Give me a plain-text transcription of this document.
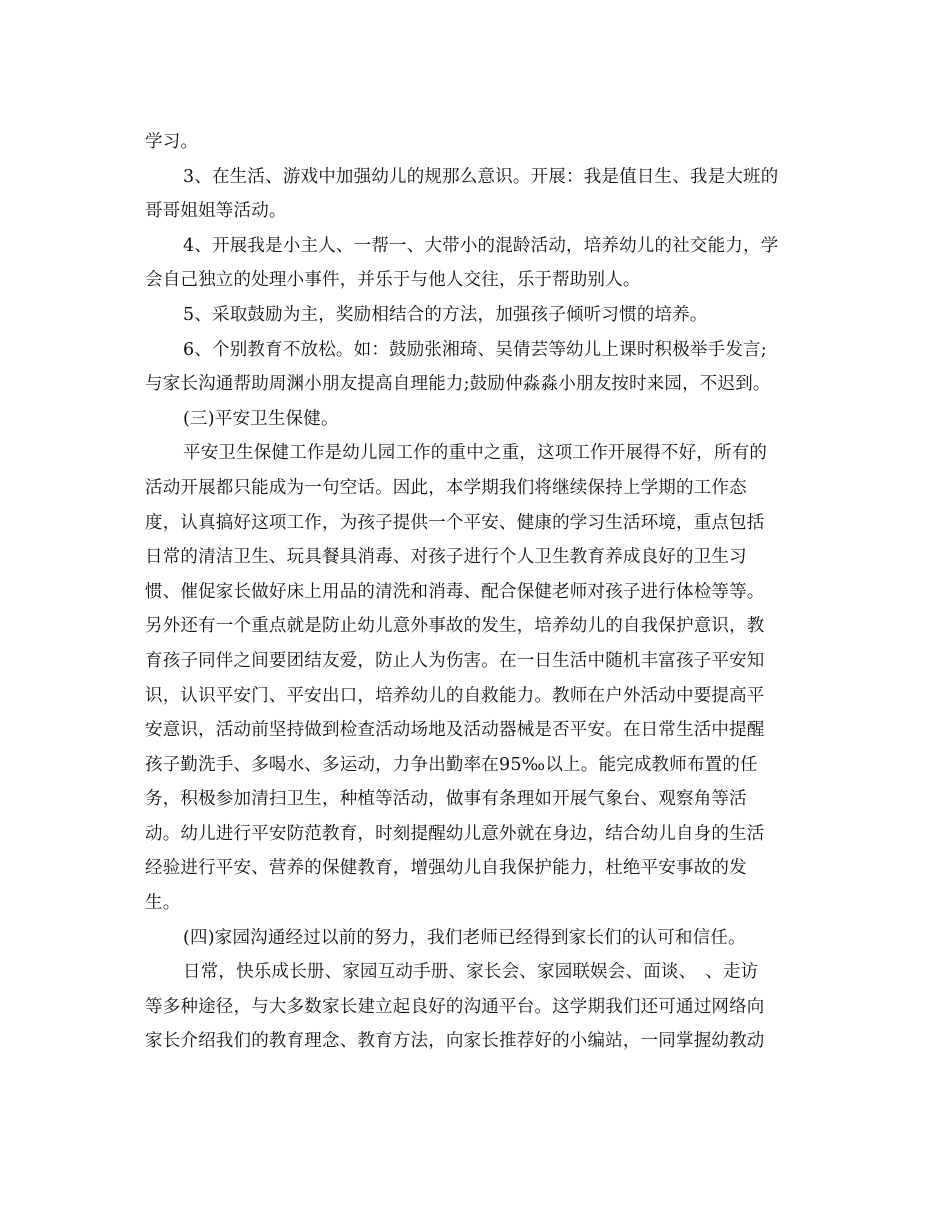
学习。
3、在生活、游戏中加强幼儿的规那么意识。开展：我是值日生、我是大班的
哥哥姐姐等活动。
4、开展我是小主人、一帮一、大带小的混龄活动，培养幼儿的社交能力，学
会自己独立的处理小事件，并乐于与他人交往，乐于帮助别人。
5、采取鼓励为主，奖励相结合的方法，加强孩子倾听习惯的培养。
6、个别教育不放松。如：鼓励张湘琦、吴倩芸等幼儿上课时积极举手发言;
与家长沟通帮助周渊小朋友提高自理能力;鼓励仲淼淼小朋友按时来园，不迟到。
(三)平安卫生保健。
平安卫生保健工作是幼儿园工作的重中之重，这项工作开展得不好，所有的
活动开展都只能成为一句空话。因此，本学期我们将继续保持上学期的工作态
度，认真搞好这项工作，为孩子提供一个平安、健康的学习生活环境，重点包括
日常的清洁卫生、玩具餐具消毒、对孩子进行个人卫生教育养成良好的卫生习
惯、催促家长做好床上用品的清洗和消毒、配合保健老师对孩子进行体检等等。
另外还有一个重点就是防止幼儿意外事故的发生，培养幼儿的自我保护意识，教
育孩子同伴之间要团结友爱，防止人为伤害。在一日生活中随机丰富孩子平安知
识，认识平安门、平安出口，培养幼儿的自救能力。教师在户外活动中要提高平
安意识，活动前坚持做到检查活动场地及活动器械是否平安。在日常生活中提醒
孩子勤洗手、多喝水、多运动，力争出勤率在95‰以上。能完成教师布置的任
务，积极参加清扫卫生，种植等活动，做事有条理如开展气象台、观察角等活
动。幼儿进行平安防范教育，时刻提醒幼儿意外就在身边，结合幼儿自身的生活
经验进行平安、营养的保健教育，增强幼儿自我保护能力，杜绝平安事故的发
生。
(四)家园沟通经过以前的努力，我们老师已经得到家长们的认可和信任。
日常，快乐成长册、家园互动手册、家长会、家园联娱会、面谈、　、走访
等多种途径，与大多数家长建立起良好的沟通平台。这学期我们还可通过网络向
家长介绍我们的教育理念、教育方法，向家长推荐好的小编站，一同掌握幼教动
